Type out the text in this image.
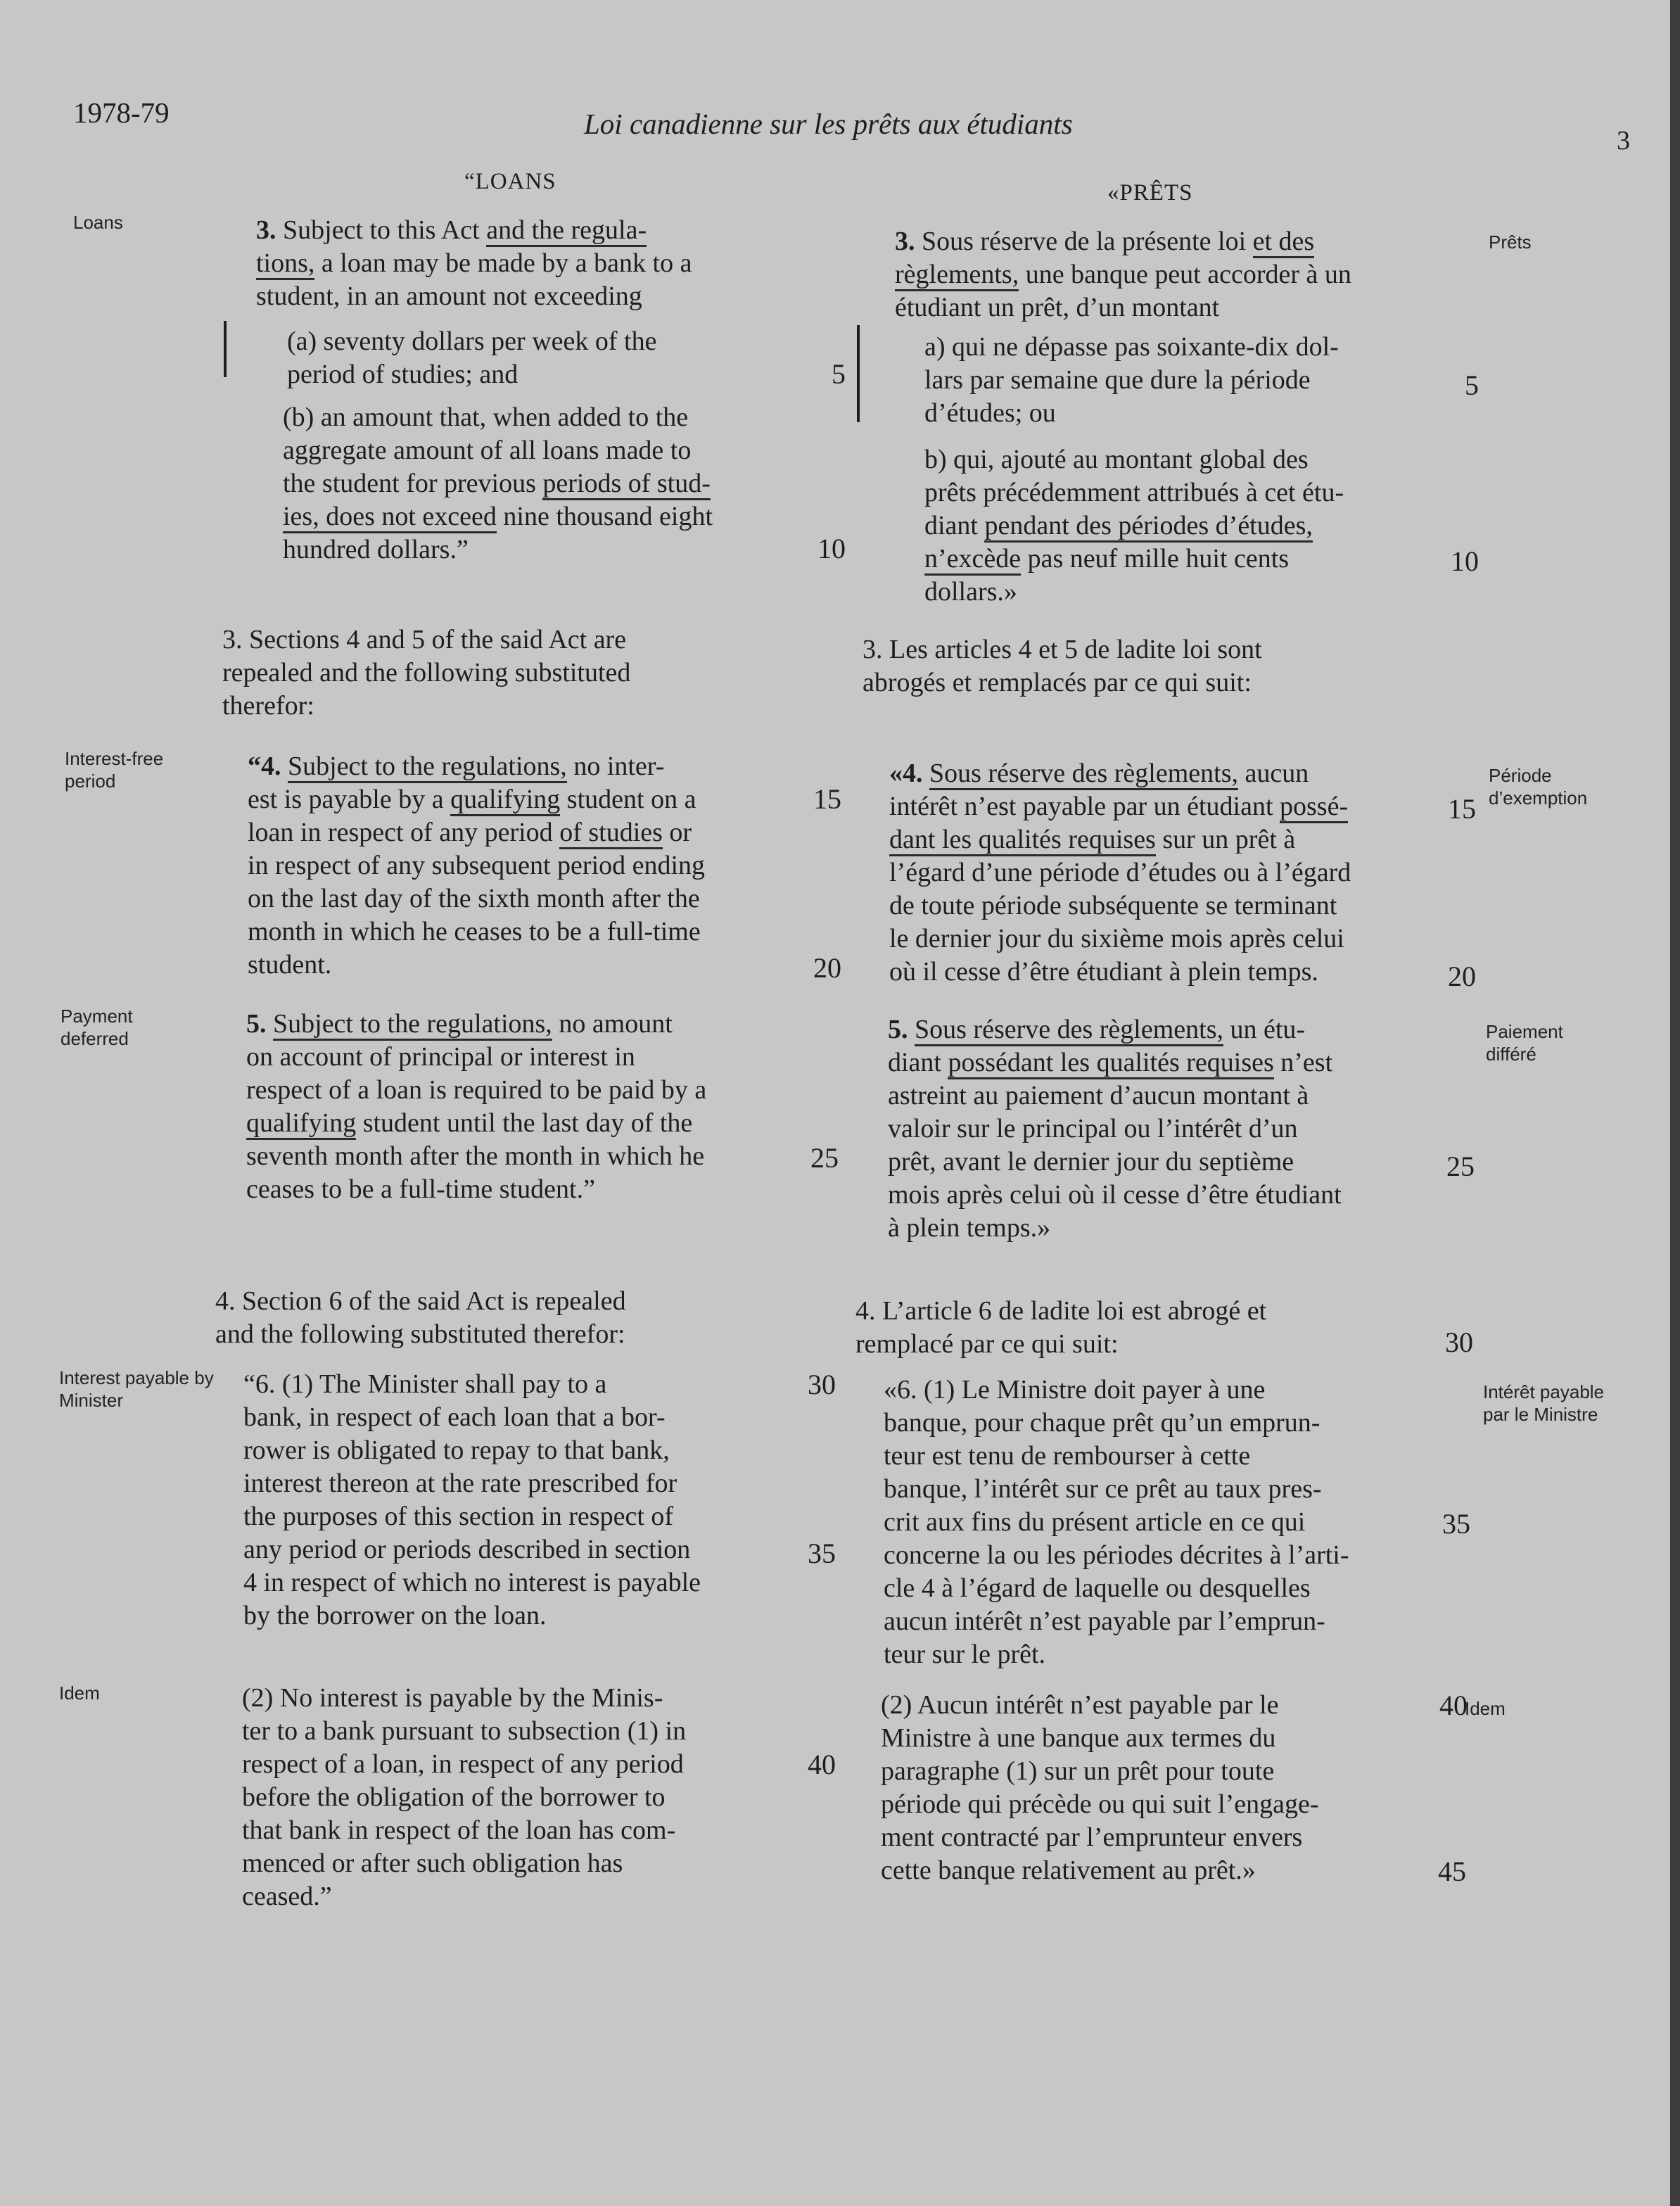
1978-79	Loi canadienne sur les prêts aux étudiants
3
Loans
Interest-free period
Payment deferred
Interest payable by Minister
Idem
Prêts
Période d’exemption
Paiement différé
Intérêt payable par le Ministre
Idem
“LOANS	«PRÊTS

3. Subject to this Act and the regula-

tions, a loan may be made by a bank to a

student, in an amount not exceeding

(a) seventy dollars per week of the

period of studies; and

(b) an amount that, when added to the

aggregate amount of all loans made to

the student for previous periods of stud-

ies, does not exceed nine thousand eight

hundred dollars.”

3. Sections 4 and 5 of the said Act are

repealed and the following substituted

therefor:

“4. Subject to the regulations, no inter-

est is payable by a qualifying student on a

loan in respect of any period of studies or

in respect of any subsequent period ending

on the last day of the sixth month after the

month in which he ceases to be a full-time

student.

5. Subject to the regulations, no amount

on account of principal or interest in

respect of a loan is required to be paid by a

qualifying student until the last day of the

seventh month after the month in which he

ceases to be a full-time student.”

4. Section 6 of the said Act is repealed

and the following substituted therefor:

“6. (1) The Minister shall pay to a

bank, in respect of each loan that a bor-

rower is obligated to repay to that bank,

interest thereon at the rate prescribed for

the purposes of this section in respect of

any period or periods described in section

4 in respect of which no interest is payable

by the borrower on the loan.

(2) No interest is payable by the Minis-

ter to a bank pursuant to subsection (1) in

respect of a loan, in respect of any period

before the obligation of the borrower to

that bank in respect of the loan has com-

menced or after such obligation has

ceased.”

5
10
15
20
25
30
35
40

3. Sous réserve de la présente loi et des

règlements, une banque peut accorder à un

étudiant un prêt, d’un montant

a) qui ne dépasse pas soixante-dix dol-

lars par semaine que dure la période

d’études; ou

b) qui, ajouté au montant global des

prêts précédemment attribués à cet étu-

diant pendant des périodes d’études,

n’excède pas neuf mille huit cents

dollars.»

3. Les articles 4 et 5 de ladite loi sont

abrogés et remplacés par ce qui suit:

«4. Sous réserve des règlements, aucun

intérêt n’est payable par un étudiant possé-

dant les qualités requises sur un prêt à

l’égard d’une période d’études ou à l’égard

de toute période subséquente se terminant

le dernier jour du sixième mois après celui

où il cesse d’être étudiant à plein temps.

5. Sous réserve des règlements, un étu-

diant possédant les qualités requises n’est

astreint au paiement d’aucun montant à

valoir sur le principal ou l’intérêt d’un

prêt, avant le dernier jour du septième

mois après celui où il cesse d’être étudiant

à plein temps.»

4. L’article 6 de ladite loi est abrogé et

remplacé par ce qui suit:

«6. (1) Le Ministre doit payer à une

banque, pour chaque prêt qu’un emprun-

teur est tenu de rembourser à cette

banque, l’intérêt sur ce prêt au taux pres-

crit aux fins du présent article en ce qui

concerne la ou les périodes décrites à l’arti-

cle 4 à l’égard de laquelle ou desquelles

aucun intérêt n’est payable par l’emprun-

teur sur le prêt.

(2) Aucun intérêt n’est payable par le

Ministre à une banque aux termes du

paragraphe (1) sur un prêt pour toute

période qui précède ou qui suit l’engage-

ment contracté par l’emprunteur envers

cette banque relativement au prêt.»

5
10
15
20
25
30
35
40
45
